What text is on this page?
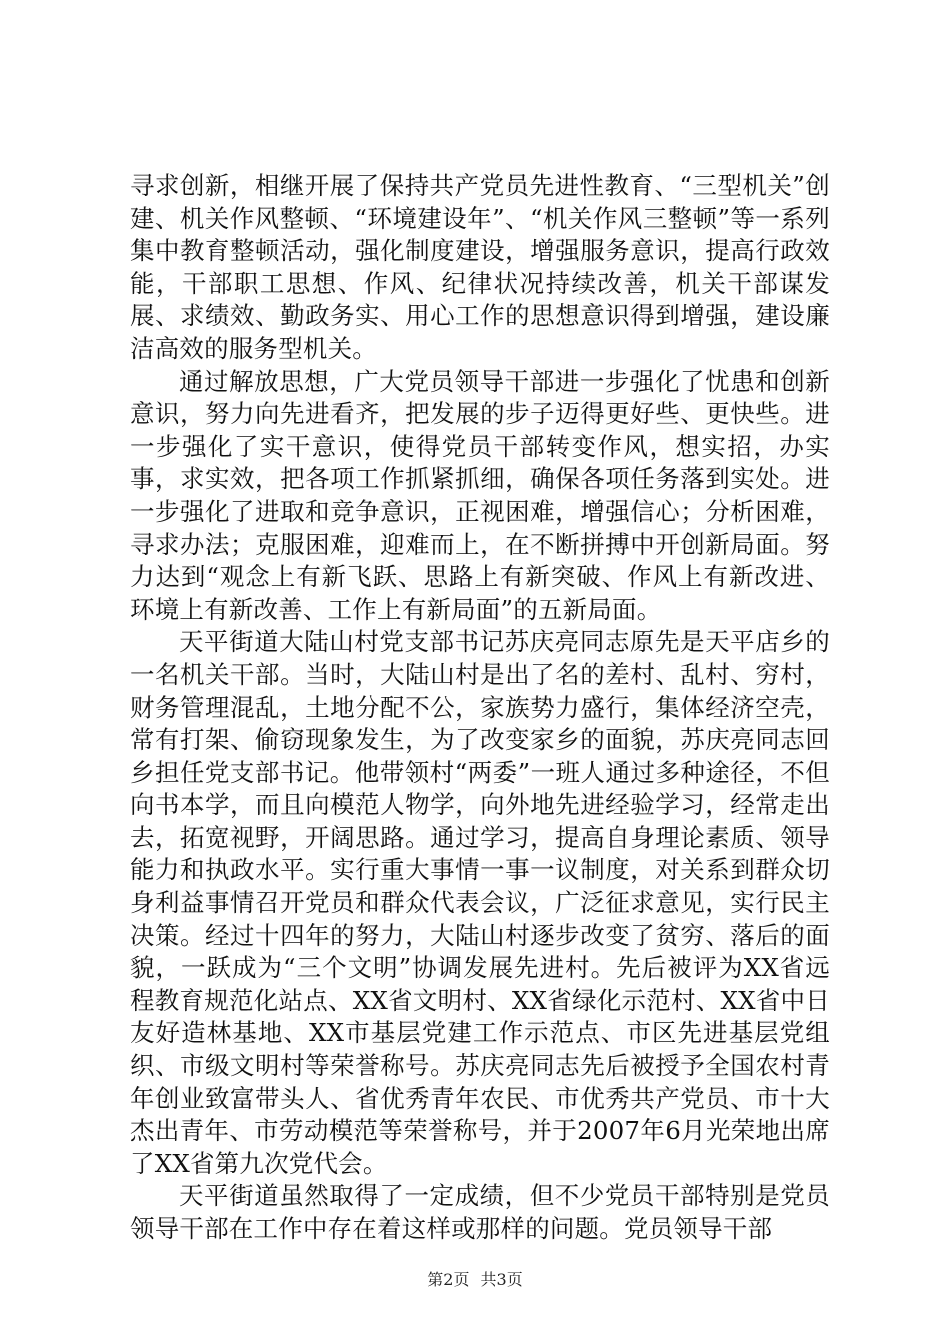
寻求创新，相继开展了保持共产党员先进性教育、“三型机关”创建、机关作风整顿、“环境建设年”、“机关作风三整顿”等一系列集中教育整顿活动，强化制度建设，增强服务意识，提高行政效能，干部职工思想、作风、纪律状况持续改善，机关干部谋发展、求绩效、勤政务实、用心工作的思想意识得到增强，建设廉洁高效的服务型机关。

通过解放思想，广大党员领导干部进一步强化了忧患和创新意识，努力向先进看齐，把发展的步子迈得更好些、更快些。进一步强化了实干意识，使得党员干部转变作风，想实招，办实事，求实效，把各项工作抓紧抓细，确保各项任务落到实处。进一步强化了进取和竞争意识，正视困难，增强信心；分析困难，寻求办法；克服困难，迎难而上，在不断拼搏中开创新局面。努力达到“观念上有新飞跃、思路上有新突破、作风上有新改进、环境上有新改善、工作上有新局面”的五新局面。

天平街道大陆山村党支部书记苏庆亮同志原先是天平店乡的一名机关干部。当时，大陆山村是出了名的差村、乱村、穷村，财务管理混乱，土地分配不公，家族势力盛行，集体经济空壳，常有打架、偷窃现象发生，为了改变家乡的面貌，苏庆亮同志回乡担任党支部书记。他带领村“两委”一班人通过多种途径，不但向书本学，而且向模范人物学，向外地先进经验学习，经常走出去，拓宽视野，开阔思路。通过学习，提高自身理论素质、领导能力和执政水平。实行重大事情一事一议制度，对关系到群众切身利益事情召开党员和群众代表会议，广泛征求意见，实行民主决策。经过十四年的努力，大陆山村逐步改变了贫穷、落后的面貌，一跃成为“三个文明”协调发展先进村。先后被评为XX省远程教育规范化站点、XX省文明村、XX省绿化示范村、XX省中日友好造林基地、XX市基层党建工作示范点、市区先进基层党组织、市级文明村等荣誉称号。苏庆亮同志先后被授予全国农村青年创业致富带头人、省优秀青年农民、市优秀共产党员、市十大杰出青年、市劳动模范等荣誉称号，并于2007年6月光荣地出席了XX省第九次党代会。

天平街道虽然取得了一定成绩，但不少党员干部特别是党员领导干部在工作中存在着这样或那样的问题。党员领导干部

第2页 共3页
